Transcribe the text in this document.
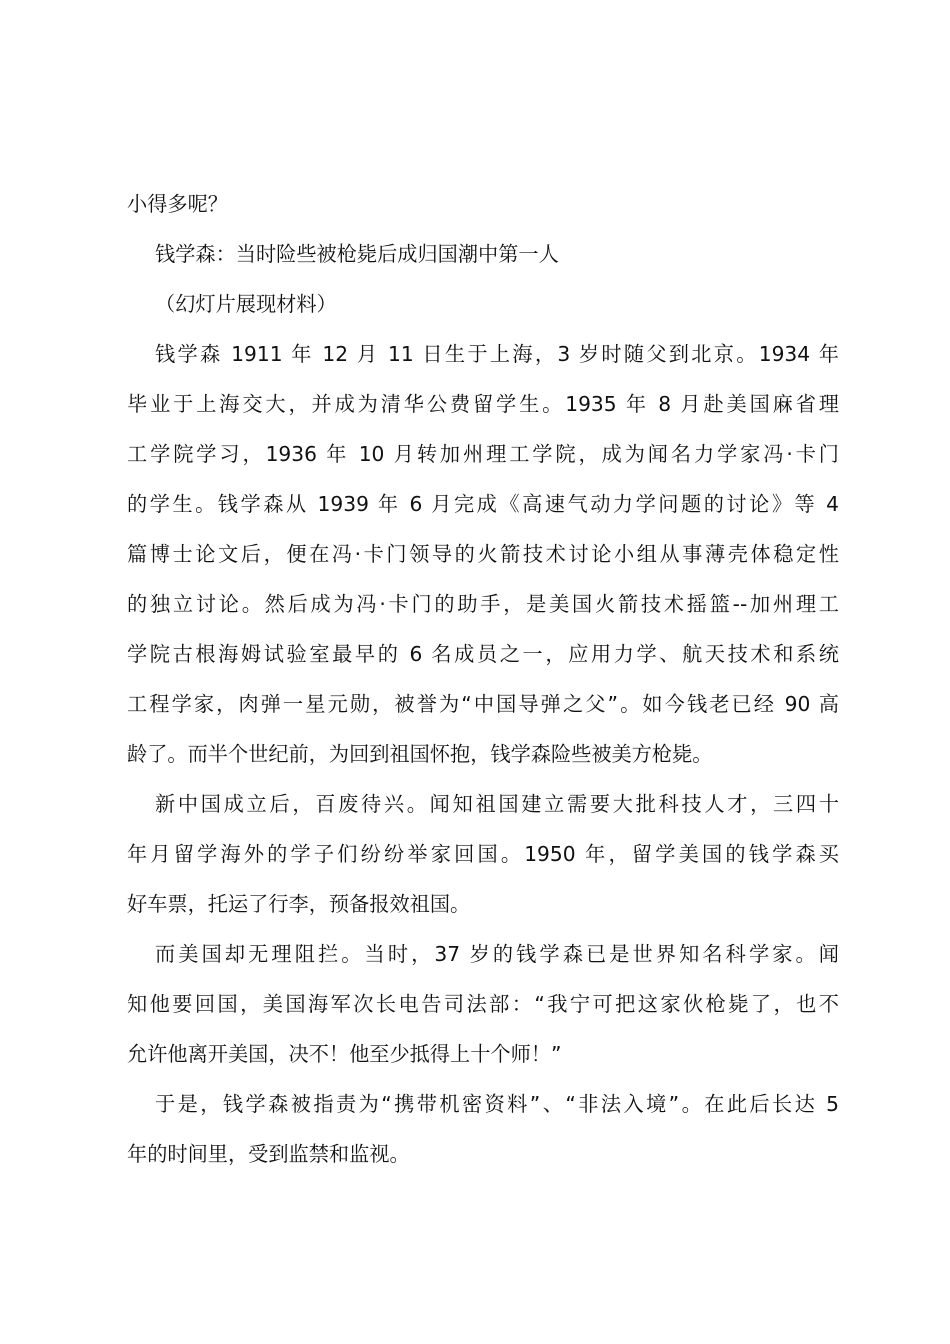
小得多呢？
钱学森：当时险些被枪毙后成归国潮中第一人
（幻灯片展现材料）
钱学森 1911 年 12 月 11 日生于上海，3 岁时随父到北京。1934 年
毕业于上海交大，并成为清华公费留学生。1935 年 8 月赴美国麻省理
工学院学习，1936 年 10 月转加州理工学院，成为闻名力学家冯·卡门
的学生。钱学森从 1939 年 6 月完成《高速气动力学问题的讨论》等 4
篇博士论文后，便在冯·卡门领导的火箭技术讨论小组从事薄壳体稳定性
的独立讨论。然后成为冯·卡门的助手，是美国火箭技术摇篮--加州理工
学院古根海姆试验室最早的 6 名成员之一，应用力学、航天技术和系统
工程学家，肉弹一星元勋，被誉为“中国导弹之父”。如今钱老已经 90 高
龄了。而半个世纪前，为回到祖国怀抱，钱学森险些被美方枪毙。
新中国成立后，百废待兴。闻知祖国建立需要大批科技人才，三四十
年月留学海外的学子们纷纷举家回国。1950 年，留学美国的钱学森买
好车票，托运了行李，预备报效祖国。
而美国却无理阻拦。当时，37 岁的钱学森已是世界知名科学家。闻
知他要回国，美国海军次长电告司法部：“我宁可把这家伙枪毙了，也不
允许他离开美国，决不！他至少抵得上十个师！”
于是，钱学森被指责为“携带机密资料”、“非法入境”。在此后长达 5
年的时间里，受到监禁和监视。
